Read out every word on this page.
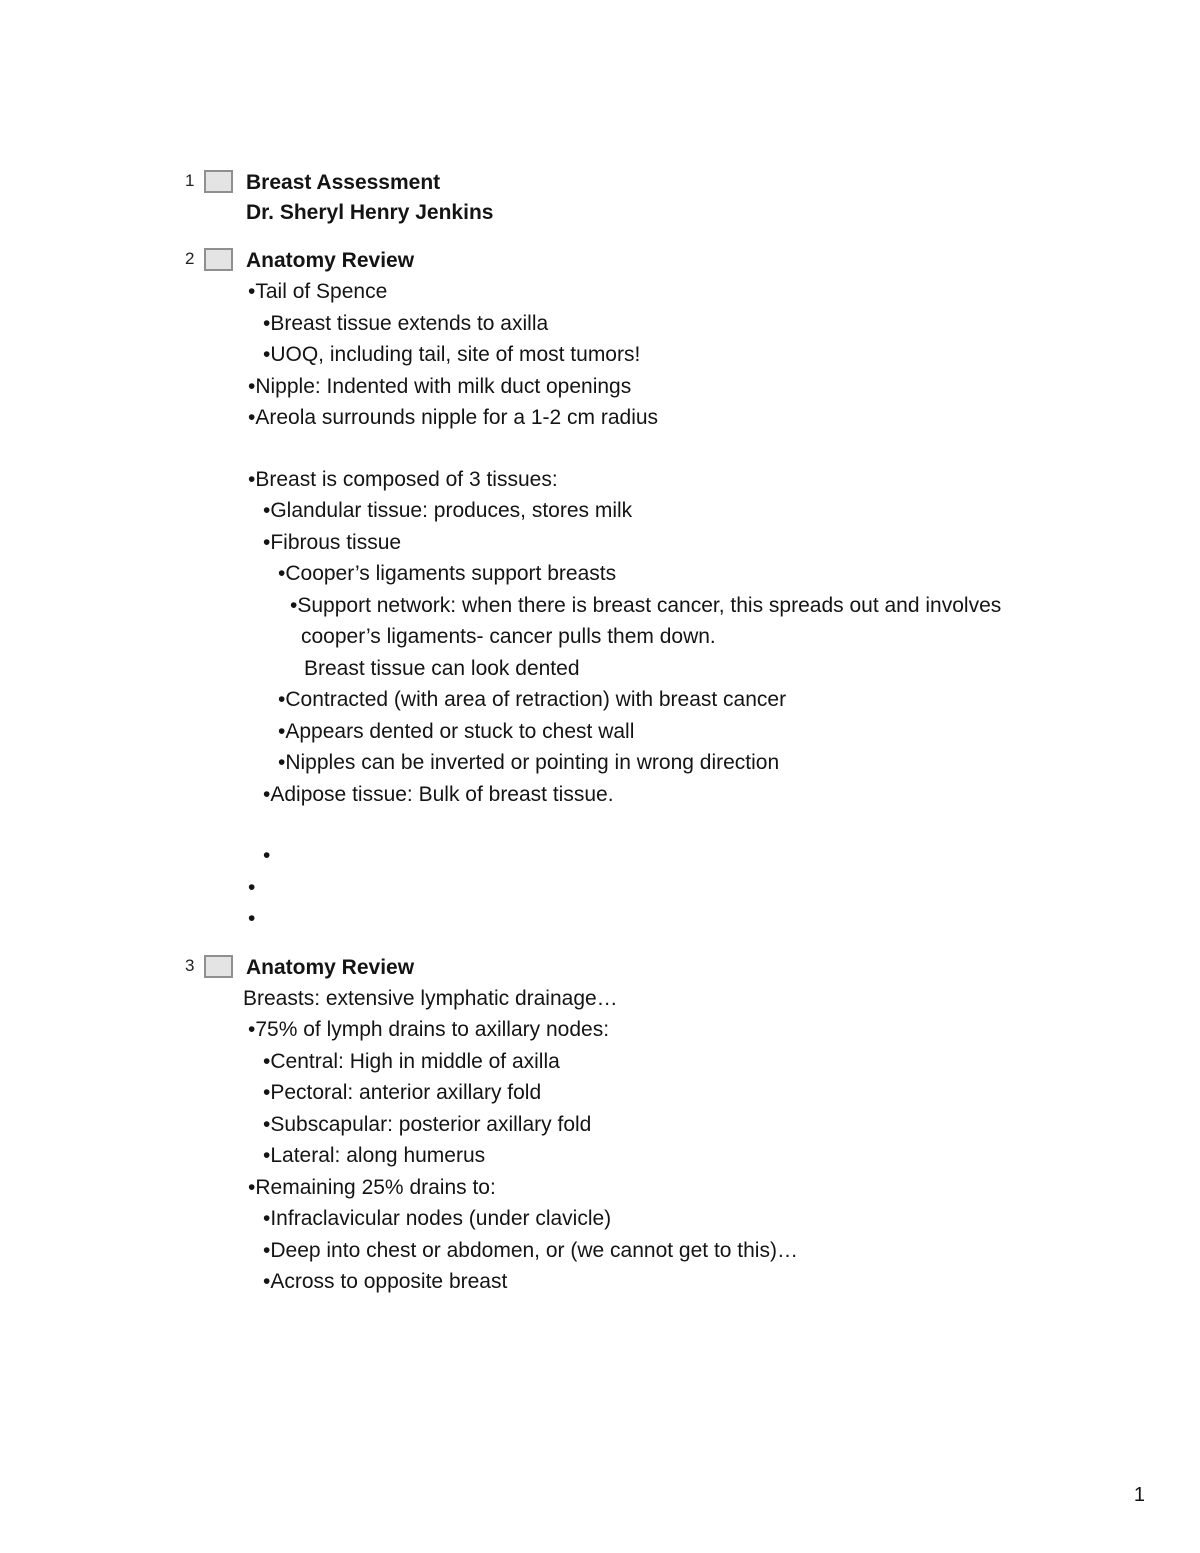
1 Breast Assessment
Dr. Sheryl Henry Jenkins
2 Anatomy Review
•Tail of Spence
•Breast tissue extends to axilla
•UOQ, including tail, site of most tumors!
•Nipple: Indented with milk duct openings
•Areola surrounds nipple for a 1-2 cm radius
•Breast is composed of 3 tissues:
•Glandular tissue: produces, stores milk
•Fibrous tissue
•Cooper’s ligaments support breasts
•Support network: when there is breast cancer, this spreads out and involves cooper’s ligaments- cancer pulls them down.
Breast tissue can look dented
•Contracted (with area of retraction) with breast cancer
•Appears dented or stuck to chest wall
•Nipples can be inverted or pointing in wrong direction
•Adipose tissue: Bulk of breast tissue.
•
•
•
3 Anatomy Review
Breasts: extensive lymphatic drainage…
•75% of lymph drains to axillary nodes:
•Central: High in middle of axilla
•Pectoral: anterior axillary fold
•Subscapular: posterior axillary fold
•Lateral: along humerus
•Remaining 25% drains to:
•Infraclavicular nodes (under clavicle)
•Deep into chest or abdomen, or (we cannot get to this)…
•Across to opposite breast
1
